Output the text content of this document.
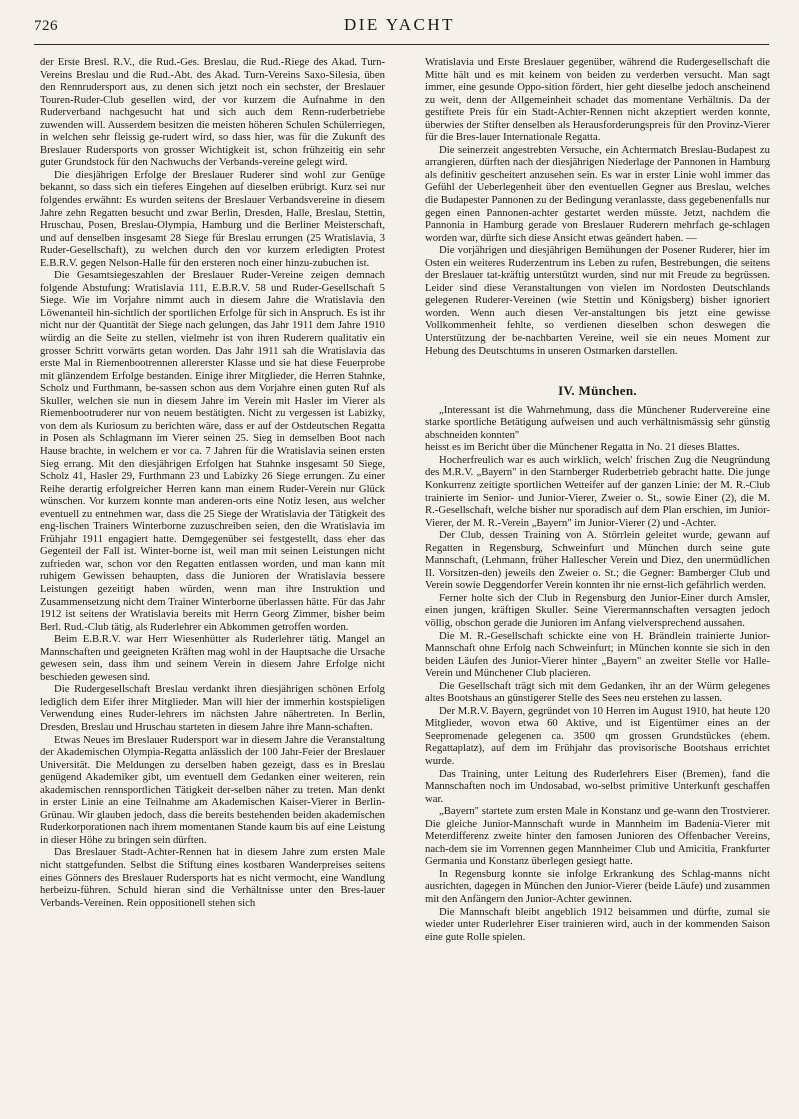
726	DIE YACHT

der Erste Bresl. R.V., die Rud.-Ges. Breslau, die Rud.-Riege des Akad. Turn-Vereins Breslau und die Rud.-Abt. des Akad. Turn-Vereins Saxo-Silesia, üben den Rennrudersport aus, zu denen sich jetzt noch ein sechster, der Breslauer Touren-Ruder-Club gesellen wird, der vor kurzem die Aufnahme in den Ruderverband nachgesucht hat und sich auch dem Renn-ruderbetriebe zuwenden will. Ausserdem besitzen die meisten höheren Schulen Schülerriegen, in welchen sehr fleissig ge-rudert wird, so dass hier, was für die Zukunft des Breslauer Rudersports von grosser Wichtigkeit ist, schon frühzeitig ein sehr guter Grundstock für den Nachwuchs der Verbands-vereine gelegt wird.

Die diesjährigen Erfolge der Breslauer Ruderer sind wohl zur Genüge bekannt, so dass sich ein tieferes Eingehen auf dieselben erübrigt. Kurz sei nur folgendes erwähnt: Es wurden seitens der Breslauer Verbandsvereine in diesem Jahre zehn Regatten besucht und zwar Berlin, Dresden, Halle, Breslau, Stettin, Hruschau, Posen, Breslau-Olympia, Hamburg und die Berliner Meisterschaft, und auf denselben insgesamt 28 Siege für Breslau errungen (25 Wratislavia, 3 Ruder-Gesellschaft), zu welchen durch den vor kurzem erledigten Protest E.B.R.V. gegen Nelson-Halle für den ersteren noch einer hinzu-zubuchen ist.

Die Gesamtsiegeszahlen der Breslauer Ruder-Vereine zeigen demnach folgende Abstufung: Wratislavia 111, E.B.R.V. 58 und Ruder-Gesellschaft 5 Siege. Wie im Vorjahre nimmt auch in diesem Jahre die Wratislavia den Löwenanteil hin-sichtlich der sportlichen Erfolge für sich in Anspruch. Es ist ihr nicht nur der Quantität der Siege nach gelungen, das Jahr 1911 dem Jahre 1910 würdig an die Seite zu stellen, vielmehr ist von ihren Ruderern qualitativ ein grosser Schritt vorwärts getan worden. Das Jahr 1911 sah die Wratislavia das erste Mal in Riemenbootrennen allererster Klasse und sie hat diese Feuerprobe mit glänzendem Erfolge bestanden. Einige ihrer Mitglieder, die Herren Stahnke, Scholz und Furthmann, be-sassen schon aus dem Vorjahre einen guten Ruf als Skuller, welchen sie nun in diesem Jahre im Verein mit Hasler im Vierer als Riemenbootruderer nur von neuem bestätigten. Nicht zu vergessen ist Labizky, von dem als Kuriosum zu berichten wäre, dass er auf der Ostdeutschen Regatta in Posen als Schlagmann im Vierer seinen 25. Sieg in demselben Boot nach Hause brachte, in welchem er vor ca. 7 Jahren für die Wratislavia seinen ersten Sieg errang. Mit den diesjährigen Erfolgen hat Stahnke insgesamt 50 Siege, Scholz 41, Hasler 29, Furthmann 23 und Labizky 26 Siege errungen. Zu einer Reihe derartig erfolgreicher Herren kann man einem Ruder-Verein nur Glück wünschen. Vor kurzem konnte man anderen-orts eine Notiz lesen, aus welcher eventuell zu entnehmen war, dass die 25 Siege der Wratislavia der Tätigkeit des eng-lischen Trainers Winterborne zuzuschreiben seien, den die Wratislavia im Frühjahr 1911 engagiert hatte. Demgegenüber sei festgestellt, dass eher das Gegenteil der Fall ist. Winter-borne ist, weil man mit seinen Leistungen nicht zufrieden war, schon vor den Regatten entlassen worden, und man kann mit ruhigem Gewissen behaupten, dass die Junioren der Wratislavia bessere Leistungen gezeitigt haben würden, wenn man ihre Instruktion und Zusammensetzung nicht dem Trainer Winterborne überlassen hätte. Für das Jahr 1912 ist seitens der Wratislavia bereits mit Herrn Georg Zimmer, bisher beim Berl. Rud.-Club tätig, als Ruderlehrer ein Abkommen getroffen worden.

Beim E.B.R.V. war Herr Wiesenhütter als Ruderlehrer tätig. Mangel an Mannschaften und geeigneten Kräften mag wohl in der Hauptsache die Ursache gewesen sein, dass ihm und seinem Verein in diesem Jahre Erfolge nicht beschieden gewesen sind.

Die Rudergesellschaft Breslau verdankt ihren diesjährigen schönen Erfolg lediglich dem Eifer ihrer Mitglieder. Man will hier der immerhin kostspieligen Verwendung eines Ruder-lehrers im nächsten Jahre nähertreten. In Berlin, Dresden, Breslau und Hruschau starteten in diesem Jahre ihre Mann-schaften.

Etwas Neues im Breslauer Rudersport war in diesem Jahre die Veranstaltung der Akademischen Olympia-Regatta anlässlich der 100 Jahr-Feier der Breslauer Universität. Die Meldungen zu derselben haben gezeigt, dass es in Breslau genügend Akademiker gibt, um eventuell dem Gedanken einer weiteren, rein akademischen rennsportlichen Tätigkeit der-selben näher zu treten. Man denkt in erster Linie an eine Teilnahme am Akademischen Kaiser-Vierer in Berlin-Grünau. Wir glauben jedoch, dass die bereits bestehenden beiden akademischen Ruderkorporationen nach ihrem momentanen Stande kaum bis auf eine Leistung in dieser Höhe zu bringen sein dürften.

Das Breslauer Stadt-Achter-Rennen hat in diesem Jahre zum ersten Male nicht stattgefunden. Selbst die Stiftung eines kostbaren Wanderpreises seitens eines Gönners des Breslauer Rudersports hat es nicht vermocht, eine Wandlung herbeizu-führen. Schuld hieran sind die Verhältnisse unter den Bres-lauer Verbands-Vereinen. Rein oppositionell stehen sich

Wratislavia und Erste Breslauer gegenüber, während die Rudergesellschaft die Mitte hält und es mit keinem von beiden zu verderben versucht. Man sagt immer, eine gesunde Oppo-sition fördert, hier geht dieselbe jedoch anscheinend zu weit, denn der Allgemeinheit schadet das momentane Verhältnis. Da der gestiftete Preis für ein Stadt-Achter-Rennen nicht akzeptiert werden konnte, überwies der Stifter denselben als Herausforderungspreis für den Provinz-Vierer für die Bres-lauer Internationale Regatta.

Die seinerzeit angestrebten Versuche, ein Achtermatch Breslau-Budapest zu arrangieren, dürften nach der diesjährigen Niederlage der Pannonen in Hamburg als definitiv gescheitert anzusehen sein. Es war in erster Linie wohl immer das Gefühl der Ueberlegenheit über den eventuellen Gegner aus Breslau, welches die Budapester Pannonen zu der Bedingung veranlasste, dass gegebenenfalls nur gegen einen Pannonen-achter gestartet werden müsste. Jetzt, nachdem die Pannonia in Hamburg gerade von Breslauer Ruderern mehrfach ge-schlagen worden war, dürfte sich diese Ansicht etwas geändert haben. —

Die vorjährigen und diesjährigen Bemühungen der Posener Ruderer, hier im Osten ein weiteres Ruderzentrum ins Leben zu rufen, Bestrebungen, die seitens der Breslauer tat-kräftig unterstützt wurden, sind nur mit Freude zu begrüssen. Leider sind diese Veranstaltungen von vielen im Nordosten Deutschlands gelegenen Ruderer-Vereinen (wie Stettin und Königsberg) bisher ignoriert worden. Wenn auch diesen Ver-anstaltungen bis jetzt eine gewisse Vollkommenheit fehlte, so verdienen dieselben schon deswegen die Unterstützung der be-nachbarten Vereine, weil sie ein neues Moment zur Hebung des Deutschtums in unseren Ostmarken darstellen.

IV. München.

„Interessant ist die Wahrnehmung, dass die Münchener Rudervereine eine starke sportliche Betätigung aufweisen und auch verhältnismässig sehr günstig abschneiden konnten"

heisst es im Bericht über die Münchener Regatta in No. 21 dieses Blattes.

Hocherfreulich war es auch wirklich, welch' frischen Zug die Neugründung des M.R.V. „Bayern" in den Starnberger Ruderbetrieb gebracht hatte. Die junge Konkurrenz zeitigte sportlichen Wetteifer auf der ganzen Linie: der M. R.-Club trainierte im Senior- und Junior-Vierer, Zweier o. St., sowie Einer (2), die M. R.-Gesellschaft, welche bisher nur sporadisch auf dem Plan erschien, im Junior-Vierer, der M. R.-Verein „Bayern" im Junior-Vierer (2) und -Achter.

Der Club, dessen Training von A. Störrlein geleitet wurde, gewann auf Regatten in Regensburg, Schweinfurt und München durch seine gute Mannschaft, (Lehmann, früher Hallescher Verein und Diez, den unermüdlichen II. Vorsitzen-den) jeweils den Zweier o. St.; die Gegner: Bamberger Club und Verein sowie Deggendorfer Verein konnten ihr nie ernst-lich gefährlich werden.

Ferner holte sich der Club in Regensburg den Junior-Einer durch Amsler, einen jungen, kräftigen Skuller. Seine Vierermannschaften versagten jedoch völlig, obschon gerade die Junioren im Anfang vielversprechend aussahen.

Die M. R.-Gesellschaft schickte eine von H. Brändlein trainierte Junior-Mannschaft ohne Erfolg nach Schweinfurt; in München konnte sie sich in den beiden Läufen des Junior-Vierer hinter „Bayern" an zweiter Stelle vor Halle-Verein und Münchener Club placieren.

Die Gesellschaft trägt sich mit dem Gedanken, ihr an der Würm gelegenes altes Bootshaus an günstigerer Stelle des Sees neu erstehen zu lassen.

Der M.R.V. Bayern, gegründet von 10 Herren im August 1910, hat heute 120 Mitglieder, wovon etwa 60 Aktive, und ist Eigentümer eines an der Seepromenade gelegenen ca. 3500 qm grossen Grundstückes (ehem. Regattaplatz), auf dem im Frühjahr das provisorische Bootshaus errichtet wurde.

Das Training, unter Leitung des Ruderlehrers Eiser (Bremen), fand die Mannschaften noch im Undosabad, wo-selbst primitive Unterkunft geschaffen war.

„Bayern" startete zum ersten Male in Konstanz und ge-wann den Trostvierer. Die gleiche Junior-Mannschaft wurde in Mannheim im Badenia-Vierer mit Meterdifferenz zweite hinter den famosen Junioren des Offenbacher Vereins, nach-dem sie im Vorrennen gegen Mannheimer Club und Amicitia, Frankfurter Germania und Konstanz überlegen gesiegt hatte.

In Regensburg konnte sie infolge Erkrankung des Schlag-manns nicht ausrichten, dagegen in München den Junior-Vierer (beide Läufe) und zusammen mit den Anfängern den Junior-Achter gewinnen.

Die Mannschaft bleibt angeblich 1912 beisammen und dürfte, zumal sie wieder unter Ruderlehrer Eiser trainieren wird, auch in der kommenden Saison eine gute Rolle spielen.
